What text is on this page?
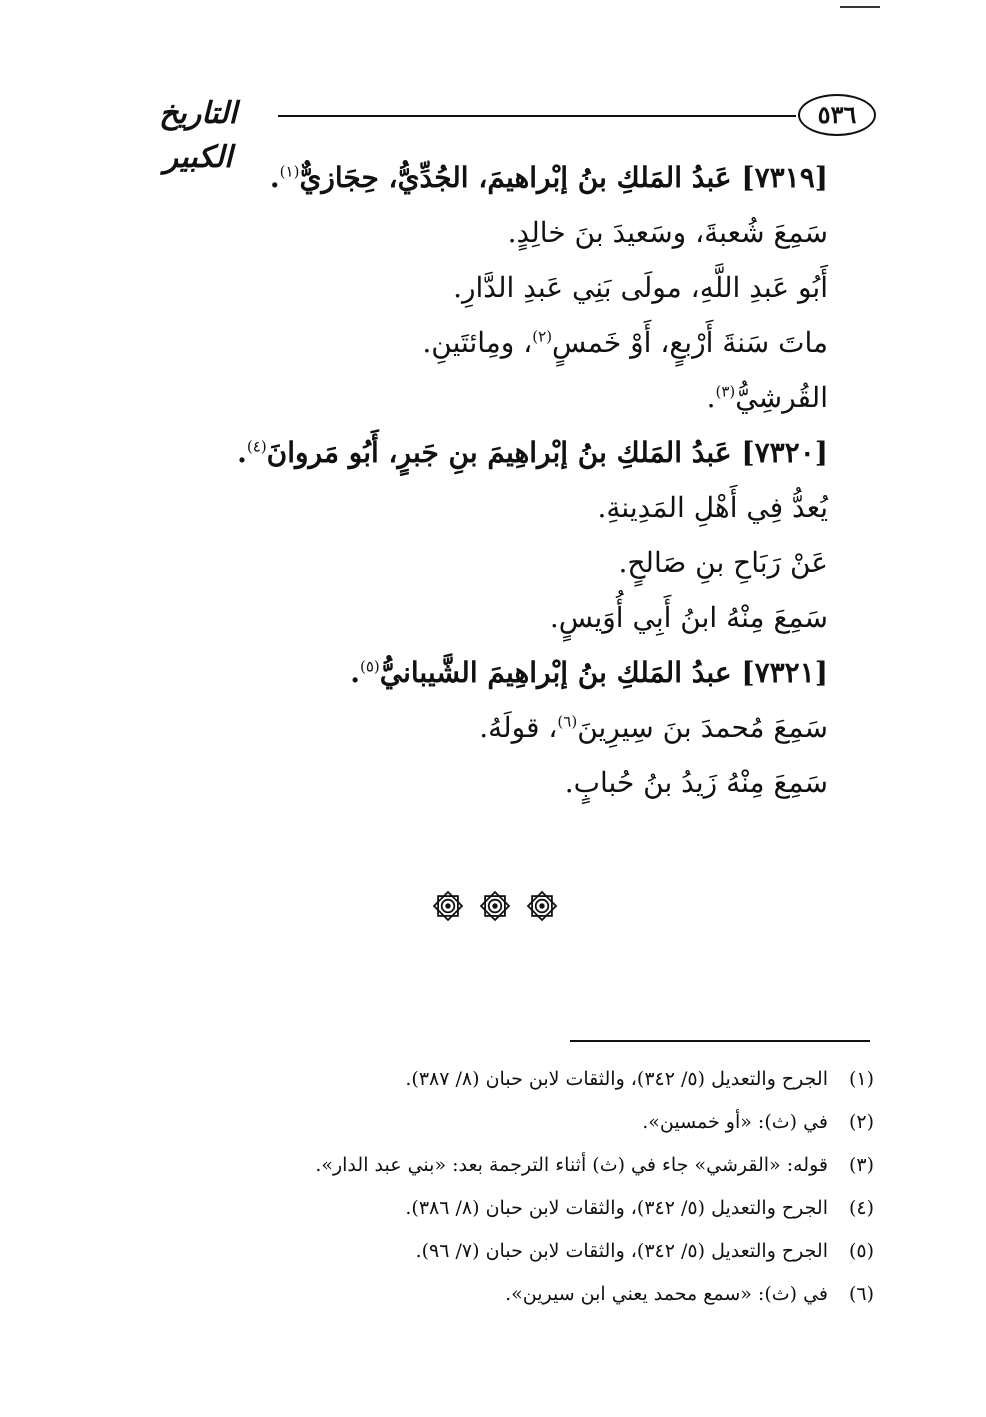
٥٣٦
التاريخ الكبير
[٧٣١٩] عَبدُ المَلكِ بنُ إبْراهيمَ، الجُدِّيُّ، حِجَازيٌّ$^{(١)}$.
سَمِعَ شُعبةَ، وسَعيدَ بنَ خالِدٍ.
أَبُو عَبدِ اللَّهِ، مولَى بَنِي عَبدِ الدَّارِ.
ماتَ سَنةَ أَرْبعٍ، أَوْ خَمسٍ$^{(٢)}$، ومِائتَينِ.
القُرشِيُّ$^{(٣)}$.
[٧٣٢٠] عَبدُ المَلكِ بنُ إبْراهِيمَ بنِ جَبرٍ، أَبُو مَروانَ$^{(٤)}$.
يُعدُّ فِي أَهْلِ المَدِينةِ.
عَنْ رَبَاحِ بنِ صَالحٍ.
سَمِعَ مِنْهُ ابنُ أَبِي أُوَيسٍ.
[٧٣٢١] عبدُ المَلكِ بنُ إبْراهِيمَ الشَّيبانيُّ$^{(٥)}$.
سَمِعَ مُحمدَ بنَ سِيرِينَ$^{(٦)}$، قولَهُ.
سَمِعَ مِنْهُ زَيدُ بنُ حُبابٍ.
(١)
الجرح والتعديل (٥/ ٣٤٢)، والثقات لابن حبان (٨/ ٣٨٧).
(٢)
في (ث): «أو خمسين».
(٣)
قوله: «القرشي» جاء في (ث) أثناء الترجمة بعد: «بني عبد الدار».
(٤)
الجرح والتعديل (٥/ ٣٤٢)، والثقات لابن حبان (٨/ ٣٨٦).
(٥)
الجرح والتعديل (٥/ ٣٤٢)، والثقات لابن حبان (٧/ ٩٦).
(٦)
في (ث): «سمع محمد يعني ابن سيرين».
